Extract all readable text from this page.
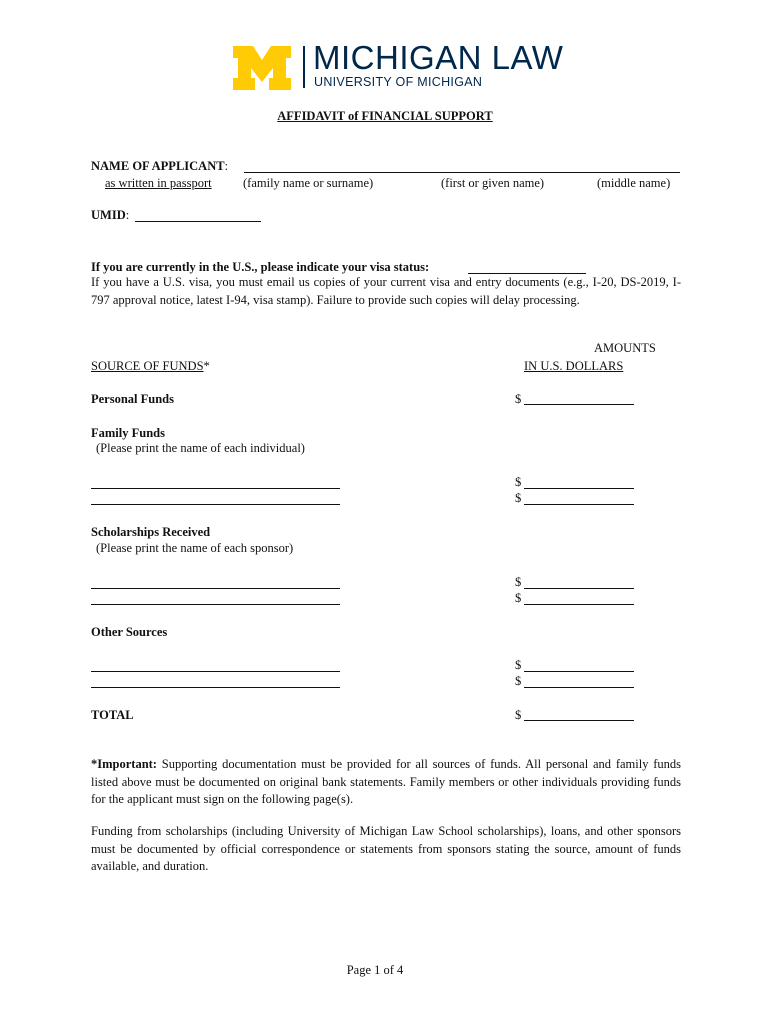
MICHIGAN LAW
UNIVERSITY OF MICHIGAN
AFFIDAVIT of FINANCIAL SUPPORT
NAME OF APPLICANT:
as written in passport	(family name or surname)	(first or given name)	(middle name)
UMID:
If you are currently in the U.S., please indicate your visa status:
If you have a U.S. visa, you must email us copies of your current visa and entry documents (e.g., I-20, DS-2019, I-797 approval notice, latest I-94, visa stamp). Failure to provide such copies will delay processing.
AMOUNTS
IN U.S. DOLLARS
SOURCE OF FUNDS*
Personal Funds	$
Family Funds
(Please print the name of each individual)
$
$
Scholarships Received
(Please print the name of each sponsor)
$
$
Other Sources
$
$
TOTAL	$
*Important: Supporting documentation must be provided for all sources of funds. All personal and family funds listed above must be documented on original bank statements. Family members or other individuals providing funds for the applicant must sign on the following page(s).
Funding from scholarships (including University of Michigan Law School scholarships), loans, and other sponsors must be documented by official correspondence or statements from sponsors stating the source, amount of funds available, and duration.
Page 1 of 4
